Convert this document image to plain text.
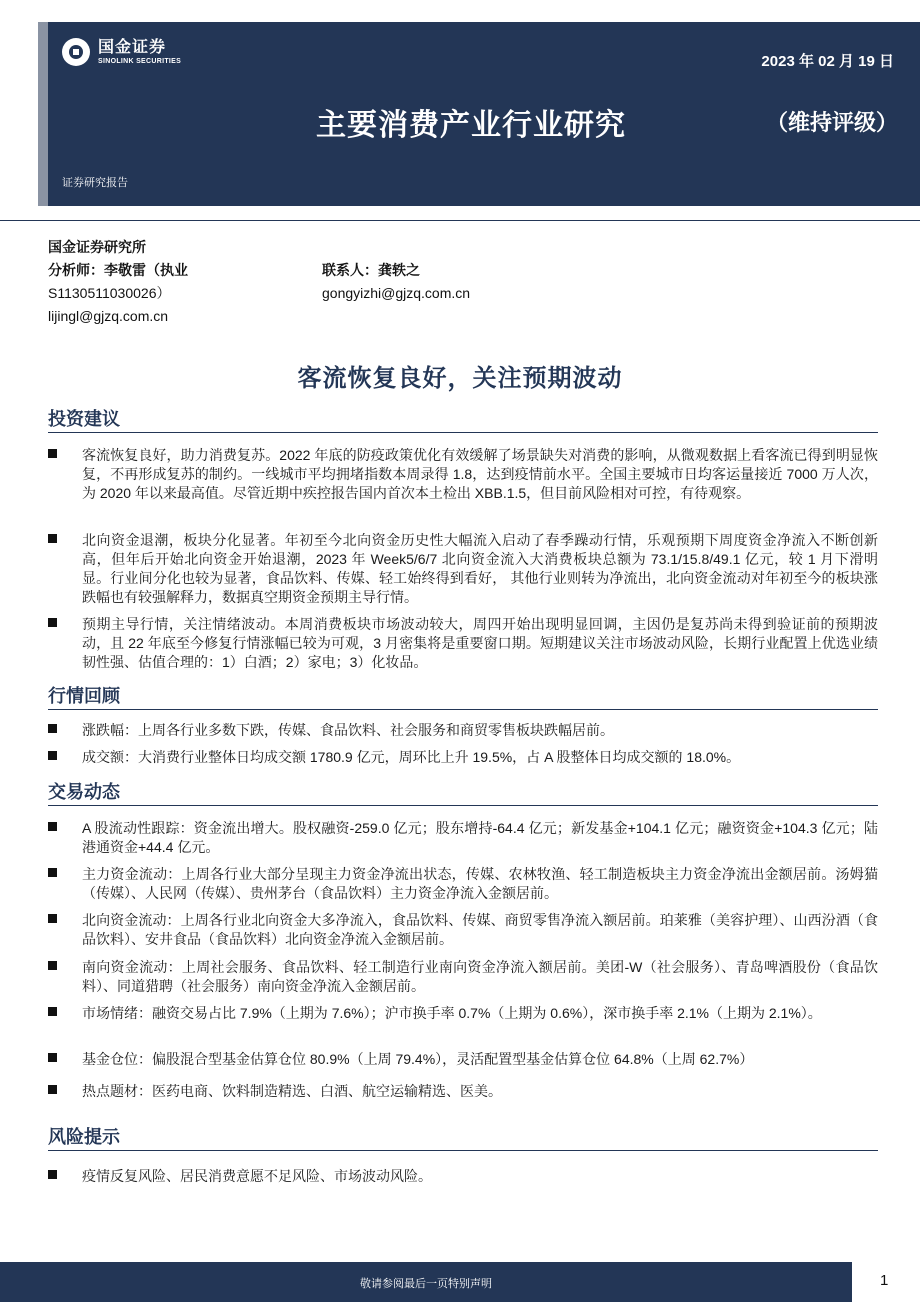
国金证券
SINOLINK SECURITIES	2023 年 02 月 19 日
主要消费产业行业研究	（维持评级）
证券研究报告
国金证券研究所
分析师：李敬雷（执业
S1130511030026）
lijingl@gjzq.com.cn
联系人：龚轶之
gongyizhi@gjzq.com.cn
客流恢复良好，关注预期波动
投资建议
客流恢复良好，助力消费复苏。2022 年底的防疫政策优化有效缓解了场景缺失对消费的影响，从微观数据上看客流已得到明显恢复，不再形成复苏的制约。一线城市平均拥堵指数本周录得 1.8，达到疫情前水平。全国主要城市日均客运量接近 7000 万人次，为 2020 年以来最高值。尽管近期中疾控报告国内首次本土检出 XBB.1.5，但目前风险相对可控，有待观察。
北向资金退潮，板块分化显著。年初至今北向资金历史性大幅流入启动了春季躁动行情，乐观预期下周度资金净流入不断创新高，但年后开始北向资金开始退潮，2023 年 Week5/6/7 北向资金流入大消费板块总额为 73.1/15.8/49.1 亿元，较 1 月下滑明显。行业间分化也较为显著，食品饮料、传媒、轻工始终得到看好， 其他行业则转为净流出，北向资金流动对年初至今的板块涨跌幅也有较强解释力，数据真空期资金预期主导行情。
预期主导行情，关注情绪波动。本周消费板块市场波动较大，周四开始出现明显回调，主因仍是复苏尚未得到验证前的预期波动，且 22 年底至今修复行情涨幅已较为可观，3 月密集将是重要窗口期。短期建议关注市场波动风险，长期行业配置上优选业绩韧性强、估值合理的：1）白酒；2）家电；3）化妆品。
行情回顾
涨跌幅：上周各行业多数下跌，传媒、食品饮料、社会服务和商贸零售板块跌幅居前。
成交额：大消费行业整体日均成交额 1780.9 亿元，周环比上升 19.5%，占 A 股整体日均成交额的 18.0%。
交易动态
A 股流动性跟踪：资金流出增大。股权融资-259.0 亿元；股东增持-64.4 亿元；新发基金+104.1 亿元；融资资金+104.3 亿元；陆港通资金+44.4 亿元。
主力资金流动：上周各行业大部分呈现主力资金净流出状态，传媒、农林牧渔、轻工制造板块主力资金净流出金额居前。汤姆猫（传媒）、人民网（传媒）、贵州茅台（食品饮料）主力资金净流入金额居前。
北向资金流动：上周各行业北向资金大多净流入，食品饮料、传媒、商贸零售净流入额居前。珀莱雅（美容护理）、山西汾酒（食品饮料）、安井食品（食品饮料）北向资金净流入金额居前。
南向资金流动：上周社会服务、食品饮料、轻工制造行业南向资金净流入额居前。美团-W（社会服务）、青岛啤酒股份（食品饮料）、同道猎聘（社会服务）南向资金净流入金额居前。
市场情绪：融资交易占比 7.9%（上期为 7.6%）；沪市换手率 0.7%（上期为 0.6%），深市换手率 2.1%（上期为 2.1%）。
基金仓位：偏股混合型基金估算仓位 80.9%（上周 79.4%），灵活配置型基金估算仓位 64.8%（上周 62.7%）
热点题材：医药电商、饮料制造精选、白酒、航空运输精选、医美。
风险提示
疫情反复风险、居民消费意愿不足风险、市场波动风险。
敬请参阅最后一页特别声明	1
